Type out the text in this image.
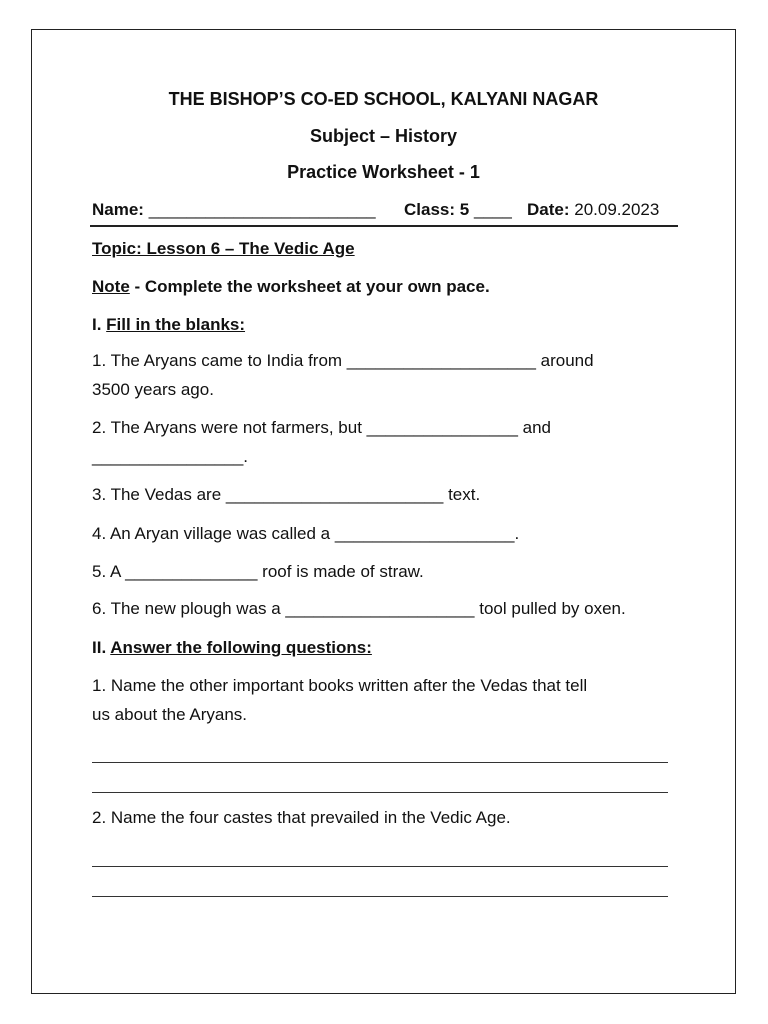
THE BISHOP’S CO-ED SCHOOL, KALYANI NAGAR
Subject – History
Practice Worksheet - 1
Name: ________________________ Class: 5 ____ Date: 20.09.2023
Topic: Lesson 6 – The Vedic Age
Note - Complete the worksheet at your own pace.
I. Fill in the blanks:
1. The Aryans came to India from ____________________ around
3500 years ago.
2. The Aryans were not farmers, but ________________ and
________________.
3. The Vedas are _______________________ text.
4. An Aryan village was called a ___________________.
5. A ______________ roof is made of straw.
6. The new plough was a ____________________ tool pulled by oxen.
II. Answer the following questions:
1. Name the other important books written after the Vedas that tell
us about the Aryans.
2. Name the four castes that prevailed in the Vedic Age.
